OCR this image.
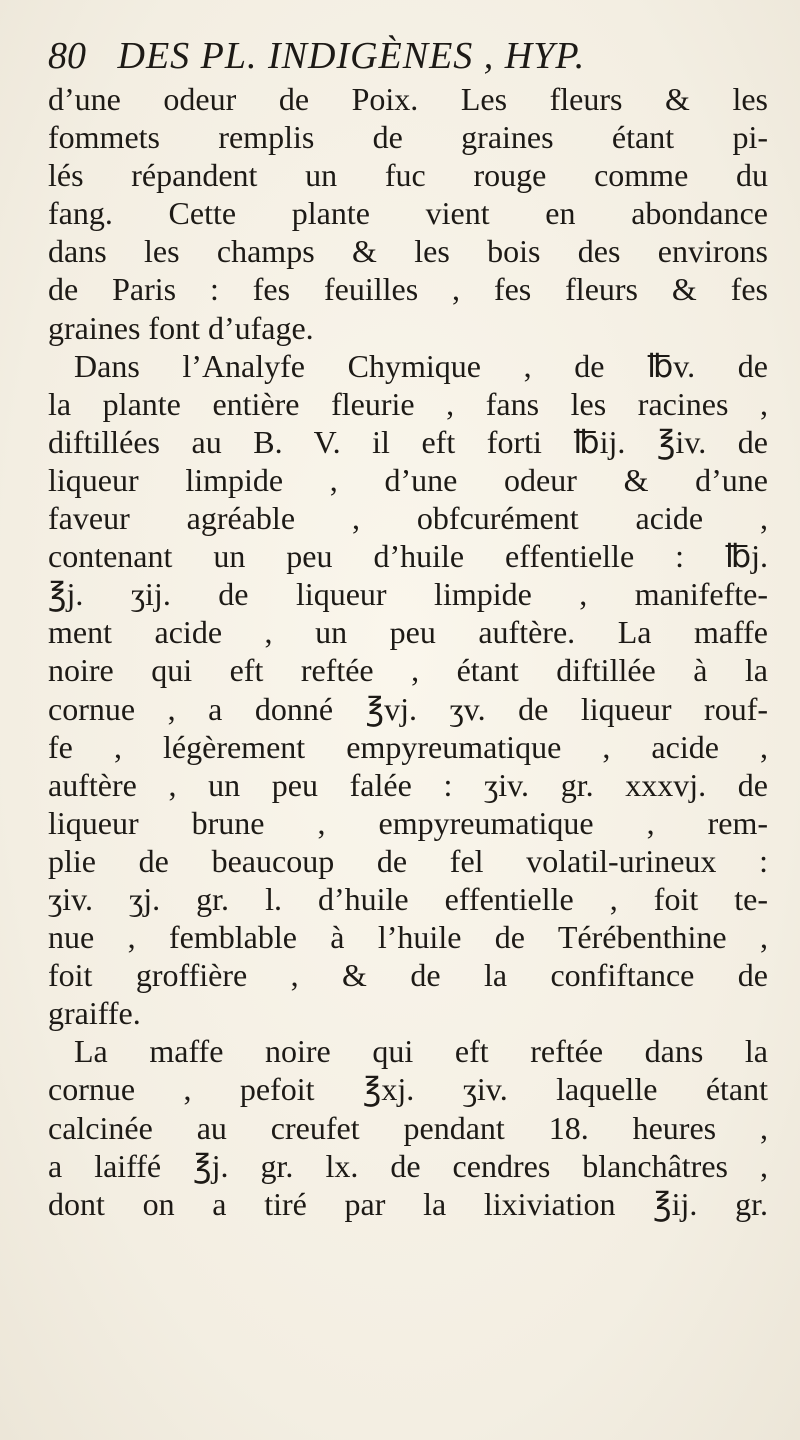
80 DES PL. INDIGÈNES , HYP.
d’une odeur de Poix. Les fleurs & les
fommets remplis de graines étant pi-
lés répandent un fuc rouge comme du
fang. Cette plante vient en abondance
dans les champs & les bois des environs
de Paris : fes feuilles , fes fleurs & fes
graines font d’ufage.
Dans l’Analyfe Chymique , de ℔v. de
la plante entière fleurie , fans les racines ,
diftillées au B. V. il eft forti ℔ij. ℥iv. de
liqueur limpide , d’une odeur & d’une
faveur agréable , obfcurément acide ,
contenant un peu d’huile effentielle : ℔j.
℥j. ʒij. de liqueur limpide , manifefte-
ment acide , un peu auftère. La maffe
noire qui eft reftée , étant diftillée à la
cornue , a donné ℥vj. ʒv. de liqueur rouf-
fe , légèrement empyreumatique , acide ,
auftère , un peu falée : ʒiv. gr. xxxvj. de
liqueur brune , empyreumatique , rem-
plie de beaucoup de fel volatil-urineux :
ʒiv. ʒj. gr. l. d’huile effentielle , foit te-
nue , femblable à l’huile de Térébenthine ,
foit groffière , & de la confiftance de
graiffe.
La maffe noire qui eft reftée dans la
cornue , pefoit ℥xj. ʒiv. laquelle étant
calcinée au creufet pendant 18. heures ,
a laiffé ℥j. gr. lx. de cendres blanchâtres ,
dont on a tiré par la lixiviation ℥ij. gr.
